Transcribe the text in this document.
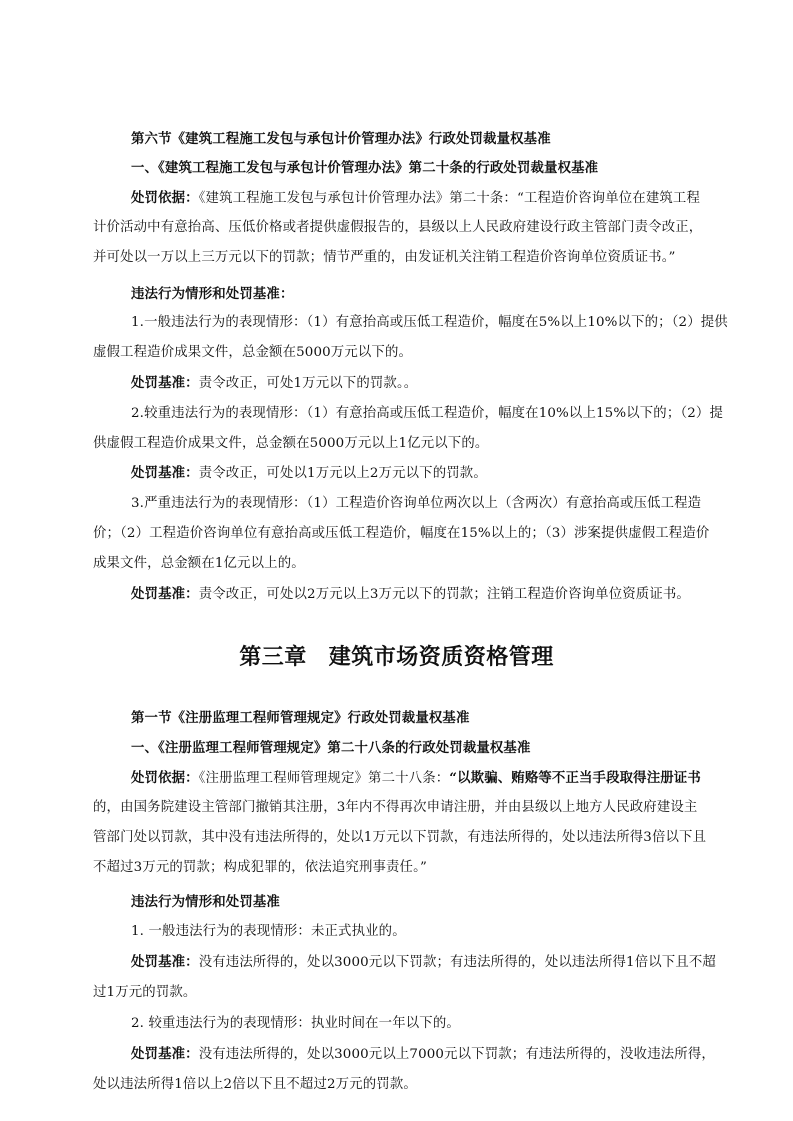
第六节《建筑工程施工发包与承包计价管理办法》行政处罚裁量权基准
一、《建筑工程施工发包与承包计价管理办法》第二十条的行政处罚裁量权基准
处罚依据：《建筑工程施工发包与承包计价管理办法》第二十条：“工程造价咨询单位在建筑工程
计价活动中有意抬高、压低价格或者提供虚假报告的，县级以上人民政府建设行政主管部门责令改正，
并可处以一万以上三万元以下的罚款；情节严重的，由发证机关注销工程造价咨询单位资质证书。”
违法行为情形和处罚基准：
1.一般违法行为的表现情形：（1）有意抬高或压低工程造价，幅度在5%以上10%以下的；（2）提供
虚假工程造价成果文件，总金额在5000万元以下的。
处罚基准：责令改正，可处1万元以下的罚款。。
2.较重违法行为的表现情形：（1）有意抬高或压低工程造价，幅度在10%以上15%以下的；（2）提
供虚假工程造价成果文件，总金额在5000万元以上1亿元以下的。
处罚基准：责令改正，可处以1万元以上2万元以下的罚款。
3.严重违法行为的表现情形：（1）工程造价咨询单位两次以上（含两次）有意抬高或压低工程造
价；（2）工程造价咨询单位有意抬高或压低工程造价，幅度在15%以上的；（3）涉案提供虚假工程造价
成果文件，总金额在1亿元以上的。
处罚基准：责令改正，可处以2万元以上3万元以下的罚款；注销工程造价咨询单位资质证书。
第三章 建筑市场资质资格管理
第一节《注册监理工程师管理规定》行政处罚裁量权基准
一、《注册监理工程师管理规定》第二十八条的行政处罚裁量权基准
处罚依据：《注册监理工程师管理规定》第二十八条：“以欺骗、贿赂等不正当手段取得注册证书
的，由国务院建设主管部门撤销其注册，3年内不得再次申请注册，并由县级以上地方人民政府建设主
管部门处以罚款，其中没有违法所得的，处以1万元以下罚款，有违法所得的，处以违法所得3倍以下且
不超过3万元的罚款；构成犯罪的，依法追究刑事责任。”
违法行为情形和处罚基准
1. 一般违法行为的表现情形：未正式执业的。
处罚基准：没有违法所得的，处以3000元以下罚款；有违法所得的，处以违法所得1倍以下且不超
过1万元的罚款。
2. 较重违法行为的表现情形：执业时间在一年以下的。
处罚基准：没有违法所得的，处以3000元以上7000元以下罚款；有违法所得的，没收违法所得，
处以违法所得1倍以上2倍以下且不超过2万元的罚款。
